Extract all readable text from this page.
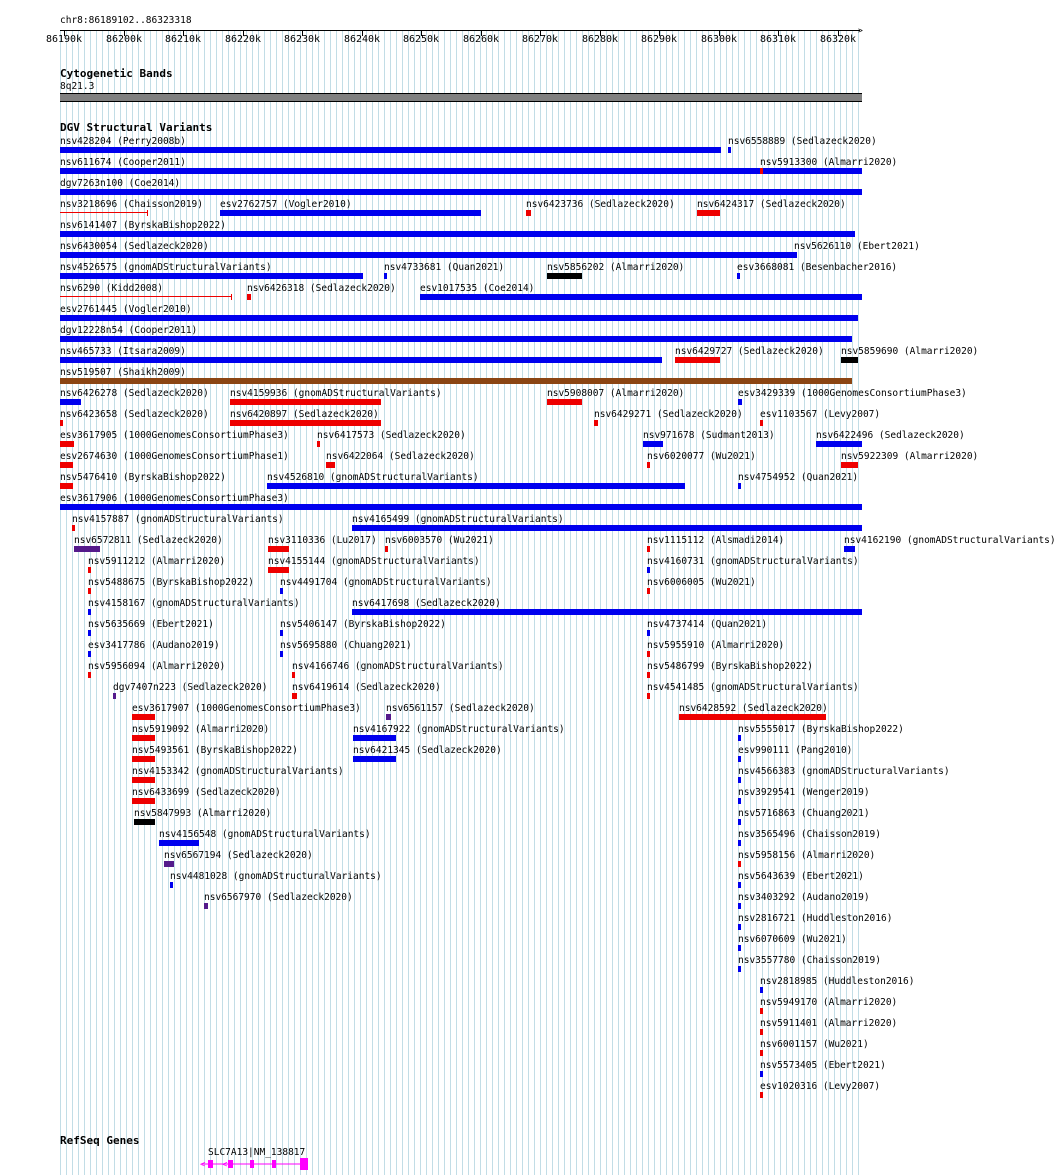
chr8:86189102..86323318
>
86190k 86200k 86210k 86220k 86230k 86240k 86250k 86260k 86270k 86280k 86290k 86300k 86310k 86320k
Cytogenetic Bands
8q21.3
DGV Structural Variants
nsv428204 (Perry2008b)	nsv6558889 (Sedlazeck2020)
nsv611674 (Cooper2011)	nsv5913300 (Almarri2020)
dgv7263n100 (Coe2014)
nsv3218696 (Chaisson2019) esv2762757 (Vogler2010)	nsv6423736 (Sedlazeck2020) nsv6424317 (Sedlazeck2020)
nsv6141407 (ByrskaBishop2022)
nsv6430054 (Sedlazeck2020)	nsv5626110 (Ebert2021)
nsv4526575 (gnomADStructuralVariants)	nsv4733681 (Quan2021)	nsv5856202 (Almarri2020)	esv3668081 (Besenbacher2016)
nsv6290 (Kidd2008)	nsv6426318 (Sedlazeck2020)	esv1017535 (Coe2014)
esv2761445 (Vogler2010)
dgv12228n54 (Cooper2011)
nsv465733 (Itsara2009)	nsv6429727 (Sedlazeck2020) nsv5859690 (Almarri2020)
nsv519507 (Shaikh2009)
nsv6426278 (Sedlazeck2020) nsv4159936 (gnomADStructuralVariants)	nsv5908007 (Almarri2020)	esv3429339 (1000GenomesConsortiumPhase3)
nsv6423658 (Sedlazeck2020) nsv6420897 (Sedlazeck2020)	nsv6429271 (Sedlazeck2020) esv1103567 (Levy2007)
esv3617905 (1000GenomesConsortiumPhase3)	nsv6417573 (Sedlazeck2020)	nsv971678 (Sudmant2013)	nsv6422496 (Sedlazeck2020)
esv2674630 (1000GenomesConsortiumPhase1)	nsv6422064 (Sedlazeck2020)	nsv6020077 (Wu2021)	nsv5922309 (Almarri2020)
nsv5476410 (ByrskaBishop2022)	nsv4526810 (gnomADStructuralVariants)	nsv4754952 (Quan2021)
esv3617906 (1000GenomesConsortiumPhase3)
nsv4157887 (gnomADStructuralVariants)	nsv4165499 (gnomADStructuralVariants)
nsv6572811 (Sedlazeck2020)	nsv3110336 (Lu2017) nsv6003570 (Wu2021)	nsv1115112 (Alsmadi2014)	nsv4162190 (gnomADStructuralVariants)
nsv5911212 (Almarri2020)	nsv4155144 (gnomADStructuralVariants)	nsv4160731 (gnomADStructuralVariants)
nsv5488675 (ByrskaBishop2022)	nsv4491704 (gnomADStructuralVariants)	nsv6006005 (Wu2021)
nsv4158167 (gnomADStructuralVariants)	nsv6417698 (Sedlazeck2020)
nsv5635669 (Ebert2021)	nsv5406147 (ByrskaBishop2022)	nsv4737414 (Quan2021)
esv3417786 (Audano2019)	nsv5695880 (Chuang2021)	nsv5955910 (Almarri2020)
nsv5956094 (Almarri2020)	nsv4166746 (gnomADStructuralVariants)	nsv5486799 (ByrskaBishop2022)
dgv7407n223 (Sedlazeck2020)	nsv6419614 (Sedlazeck2020)	nsv4541485 (gnomADStructuralVariants)
esv3617907 (1000GenomesConsortiumPhase3)	nsv6561157 (Sedlazeck2020)	nsv6428592 (Sedlazeck2020)
nsv5919092 (Almarri2020)	nsv4167922 (gnomADStructuralVariants)	nsv5555017 (ByrskaBishop2022)
nsv5493561 (ByrskaBishop2022)	nsv6421345 (Sedlazeck2020)	esv990111 (Pang2010)
nsv4153342 (gnomADStructuralVariants)	nsv4566383 (gnomADStructuralVariants)
nsv6433699 (Sedlazeck2020)	nsv3929541 (Wenger2019)
nsv5847993 (Almarri2020)	nsv5716863 (Chuang2021)
nsv4156548 (gnomADStructuralVariants)	nsv3565496 (Chaisson2019)
nsv6567194 (Sedlazeck2020)	nsv5958156 (Almarri2020)
nsv4481028 (gnomADStructuralVariants)	nsv5643639 (Ebert2021)
nsv6567970 (Sedlazeck2020)	nsv3403292 (Audano2019)
nsv2816721 (Huddleston2016)
nsv6070609 (Wu2021)
nsv3557780 (Chaisson2019)
nsv2818985 (Huddleston2016)
nsv5949170 (Almarri2020)
nsv5911401 (Almarri2020)
nsv6001157 (Wu2021)
nsv5573405 (Ebert2021)
esv1020316 (Levy2007)
RefSeq Genes
SLC7A13|NM_138817
< <
